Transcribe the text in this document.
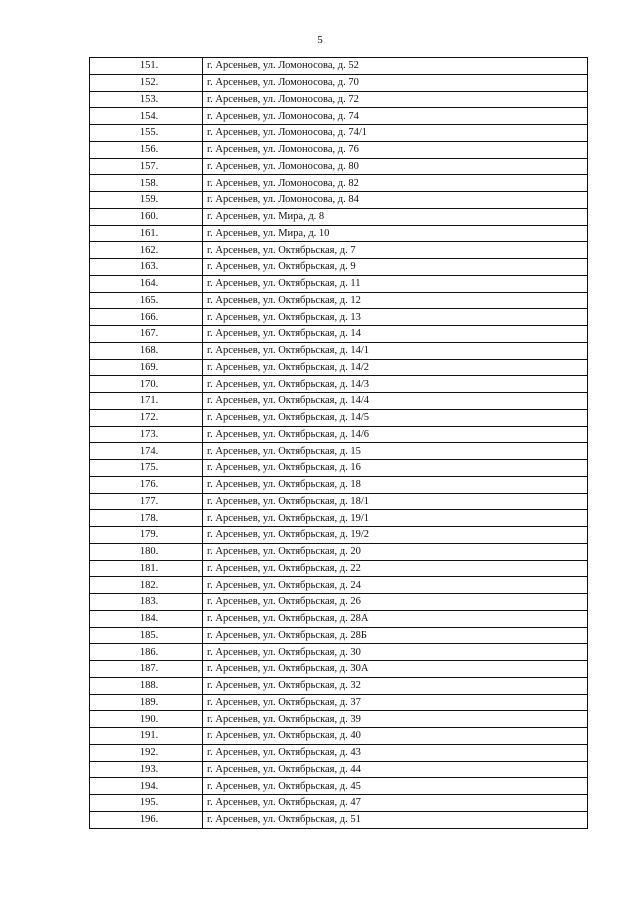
5
151.	г. Арсеньев, ул. Ломоносова, д. 52
152.	г. Арсеньев, ул. Ломоносова, д. 70
153.	г. Арсеньев, ул. Ломоносова, д. 72
154.	г. Арсеньев, ул. Ломоносова, д. 74
155.	г. Арсеньев, ул. Ломоносова, д. 74/1
156.	г. Арсеньев, ул. Ломоносова, д. 76
157.	г. Арсеньев, ул. Ломоносова, д. 80
158.	г. Арсеньев, ул. Ломоносова, д. 82
159.	г. Арсеньев, ул. Ломоносова, д. 84
160.	г. Арсеньев, ул. Мира, д. 8
161.	г. Арсеньев, ул. Мира, д. 10
162.	г. Арсеньев, ул. Октябрьская, д. 7
163.	г. Арсеньев, ул. Октябрьская, д. 9
164.	г. Арсеньев, ул. Октябрьская, д. 11
165.	г. Арсеньев, ул. Октябрьская, д. 12
166.	г. Арсеньев, ул. Октябрьская, д. 13
167.	г. Арсеньев, ул. Октябрьская, д. 14
168.	г. Арсеньев, ул. Октябрьская, д. 14/1
169.	г. Арсеньев, ул. Октябрьская, д. 14/2
170.	г. Арсеньев, ул. Октябрьская, д. 14/3
171.	г. Арсеньев, ул. Октябрьская, д. 14/4
172.	г. Арсеньев, ул. Октябрьская, д. 14/5
173.	г. Арсеньев, ул. Октябрьская, д. 14/6
174.	г. Арсеньев, ул. Октябрьская, д. 15
175.	г. Арсеньев, ул. Октябрьская, д. 16
176.	г. Арсеньев, ул. Октябрьская, д. 18
177.	г. Арсеньев, ул. Октябрьская, д. 18/1
178.	г. Арсеньев, ул. Октябрьская, д. 19/1
179.	г. Арсеньев, ул. Октябрьская, д. 19/2
180.	г. Арсеньев, ул. Октябрьская, д. 20
181.	г. Арсеньев, ул. Октябрьская, д. 22
182.	г. Арсеньев, ул. Октябрьская, д. 24
183.	г. Арсеньев, ул. Октябрьская, д. 26
184.	г. Арсеньев, ул. Октябрьская, д. 28А
185.	г. Арсеньев, ул. Октябрьская, д. 28Б
186.	г. Арсеньев, ул. Октябрьская, д. 30
187.	г. Арсеньев, ул. Октябрьская, д. 30А
188.	г. Арсеньев, ул. Октябрьская, д. 32
189.	г. Арсеньев, ул. Октябрьская, д. 37
190.	г. Арсеньев, ул. Октябрьская, д. 39
191.	г. Арсеньев, ул. Октябрьская, д. 40
192.	г. Арсеньев, ул. Октябрьская, д. 43
193.	г. Арсеньев, ул. Октябрьская, д. 44
194.	г. Арсеньев, ул. Октябрьская, д. 45
195.	г. Арсеньев, ул. Октябрьская, д. 47
196.	г. Арсеньев, ул. Октябрьская, д. 51
